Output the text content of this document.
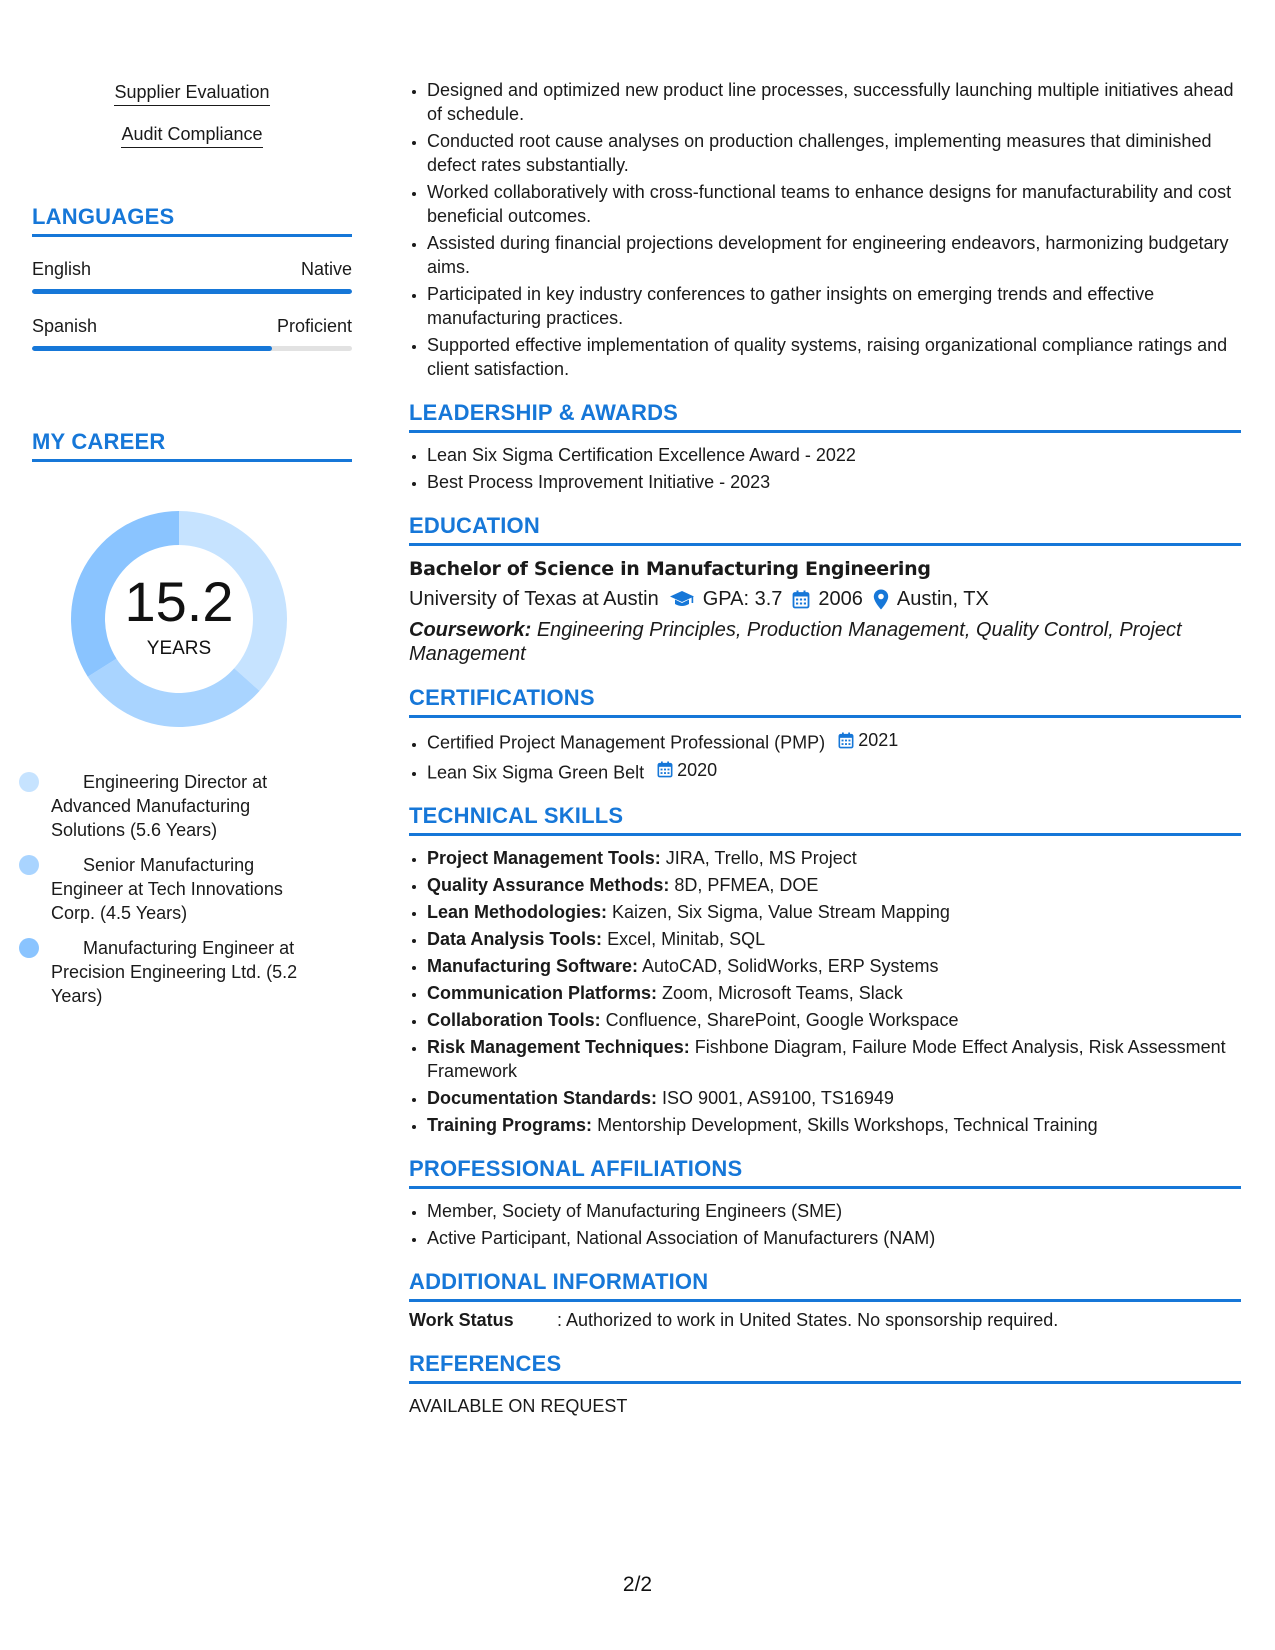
Supplier Evaluation
Audit Compliance
LANGUAGES
English	Native
Spanish	Proficient
MY CAREER
15.2
YEARS
Engineering Director at Advanced Manufacturing Solutions (5.6 Years)
Senior Manufacturing Engineer at Tech Innovations Corp. (4.5 Years)
Manufacturing Engineer at Precision Engineering Ltd. (5.2 Years)
• Designed and optimized new product line processes, successfully launching multiple initiatives ahead of schedule.
• Conducted root cause analyses on production challenges, implementing measures that diminished defect rates substantially.
• Worked collaboratively with cross-functional teams to enhance designs for manufacturability and cost beneficial outcomes.
• Assisted during financial projections development for engineering endeavors, harmonizing budgetary aims.
• Participated in key industry conferences to gather insights on emerging trends and effective manufacturing practices.
• Supported effective implementation of quality systems, raising organizational compliance ratings and client satisfaction.
LEADERSHIP & AWARDS
• Lean Six Sigma Certification Excellence Award - 2022
• Best Process Improvement Initiative - 2023
EDUCATION
Bachelor of Science in Manufacturing Engineering
University of Texas at Austin GPA: 3.7 2006 Austin, TX
Coursework: Engineering Principles, Production Management, Quality Control, Project Management
CERTIFICATIONS
• Certified Project Management Professional (PMP) 2021
• Lean Six Sigma Green Belt 2020
TECHNICAL SKILLS
• Project Management Tools: JIRA, Trello, MS Project
• Quality Assurance Methods: 8D, PFMEA, DOE
• Lean Methodologies: Kaizen, Six Sigma, Value Stream Mapping
• Data Analysis Tools: Excel, Minitab, SQL
• Manufacturing Software: AutoCAD, SolidWorks, ERP Systems
• Communication Platforms: Zoom, Microsoft Teams, Slack
• Collaboration Tools: Confluence, SharePoint, Google Workspace
• Risk Management Techniques: Fishbone Diagram, Failure Mode Effect Analysis, Risk Assessment Framework
• Documentation Standards: ISO 9001, AS9100, TS16949
• Training Programs: Mentorship Development, Skills Workshops, Technical Training
PROFESSIONAL AFFILIATIONS
• Member, Society of Manufacturing Engineers (SME)
• Active Participant, National Association of Manufacturers (NAM)
ADDITIONAL INFORMATION
Work Status	: Authorized to work in United States. No sponsorship required.
REFERENCES
AVAILABLE ON REQUEST
2/2
